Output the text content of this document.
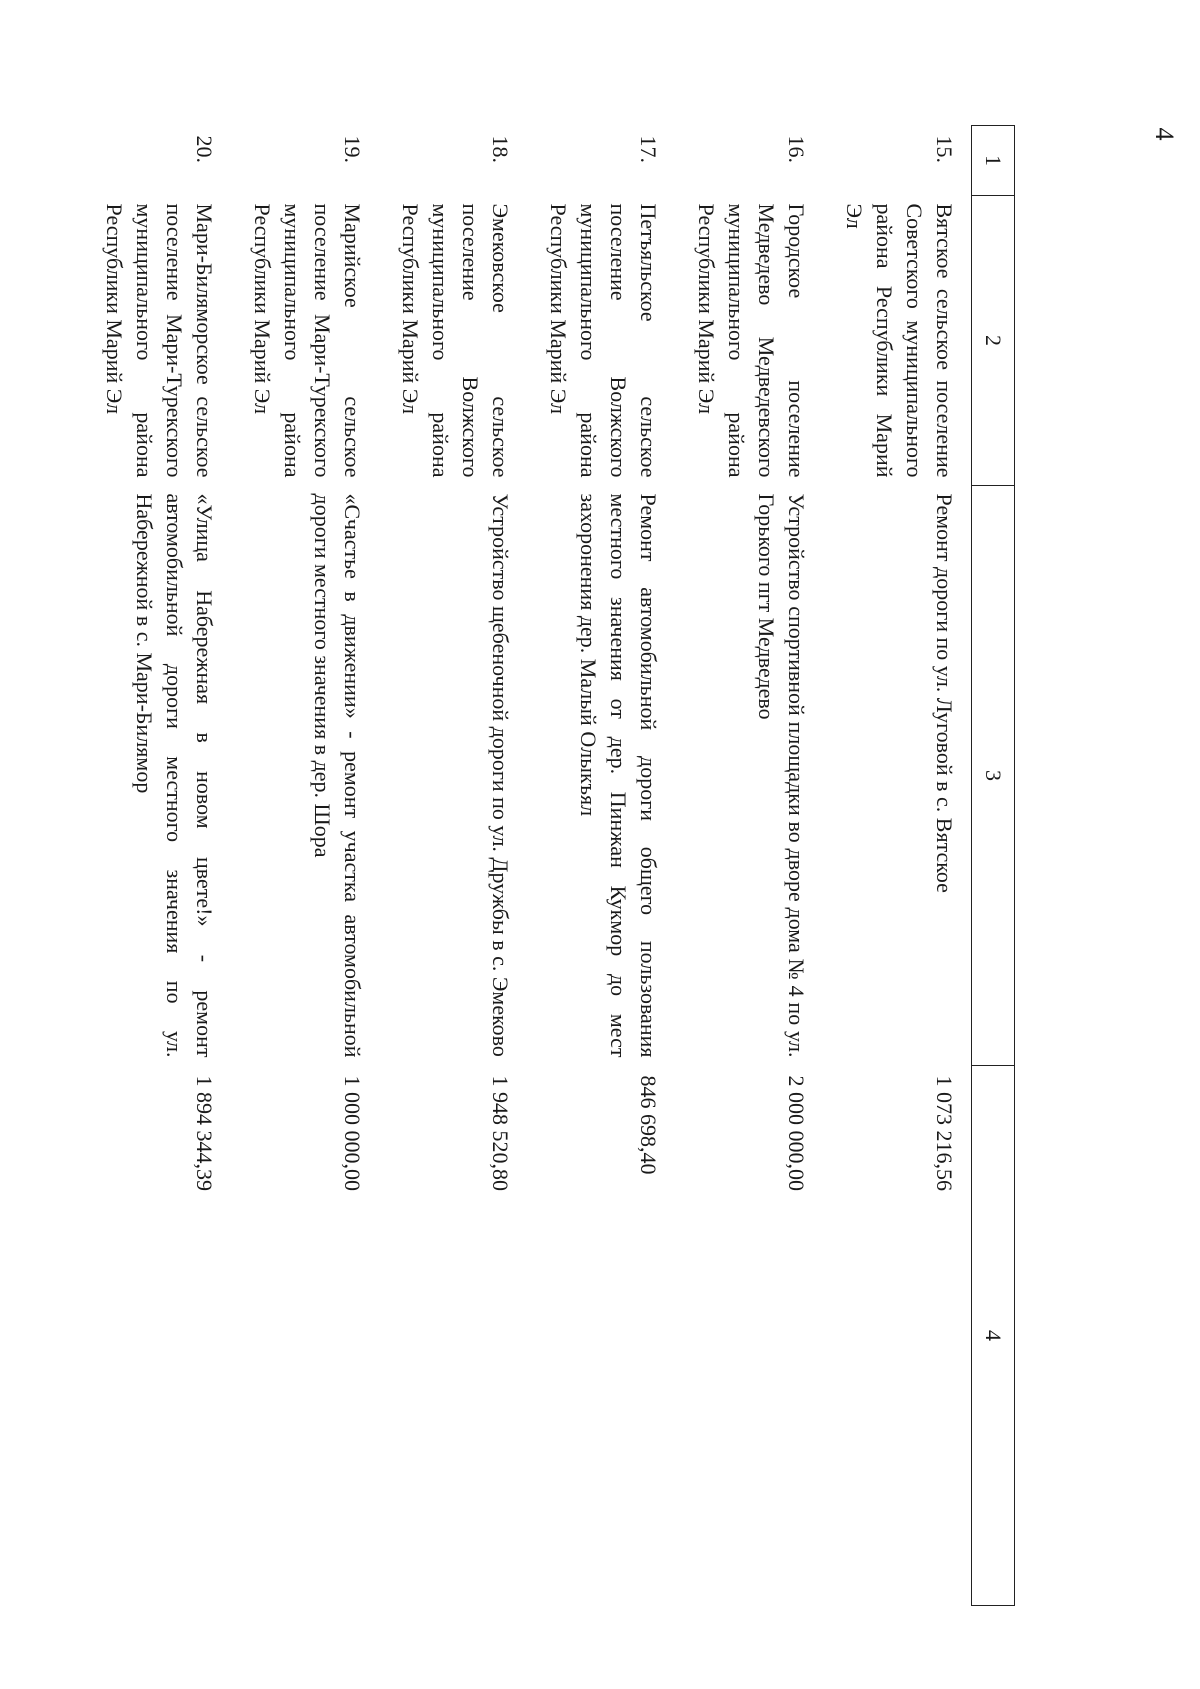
4
1	2	3	4
15.	Вятское сельское поселение Советского муниципального района Республики Марий Эл	Ремонт дороги по ул. Луговой в с. Вятское	1 073 216,56
16.	Городское поселение Медведево Медведевского муниципального района Республики Марий Эл	Устройство спортивной площадки во дворе дома № 4 по ул. Горького пгт Медведево	2 000 000,00
17.	Петъяльское сельское поселение Волжского муниципального района Республики Марий Эл	Ремонт автомобильной дороги общего пользования местного значения от дер. Пинжан Кукмор до мест захоронения дер. Малый Олыкъял	846 698,40
18.	Эмековское сельское поселение Волжского муниципального района Республики Марий Эл	Устройство щебеночной дороги по ул. Дружбы в с. Эмеково	1 948 520,80
19.	Марийское сельское поселение Мари-Турекского муниципального района Республики Марий Эл	«Счастье в движении» - ремонт участка автомобильной дороги местного значения в дер. Шора	1 000 000,00
20.	Мари-Биляморское сельское поселение Мари-Турекского муниципального района Республики Марий Эл	«Улица Набережная в новом цвете!» - ремонт автомобильной дороги местного значения по ул. Набережной в с. Мари-Билямор	1 894 344,39
